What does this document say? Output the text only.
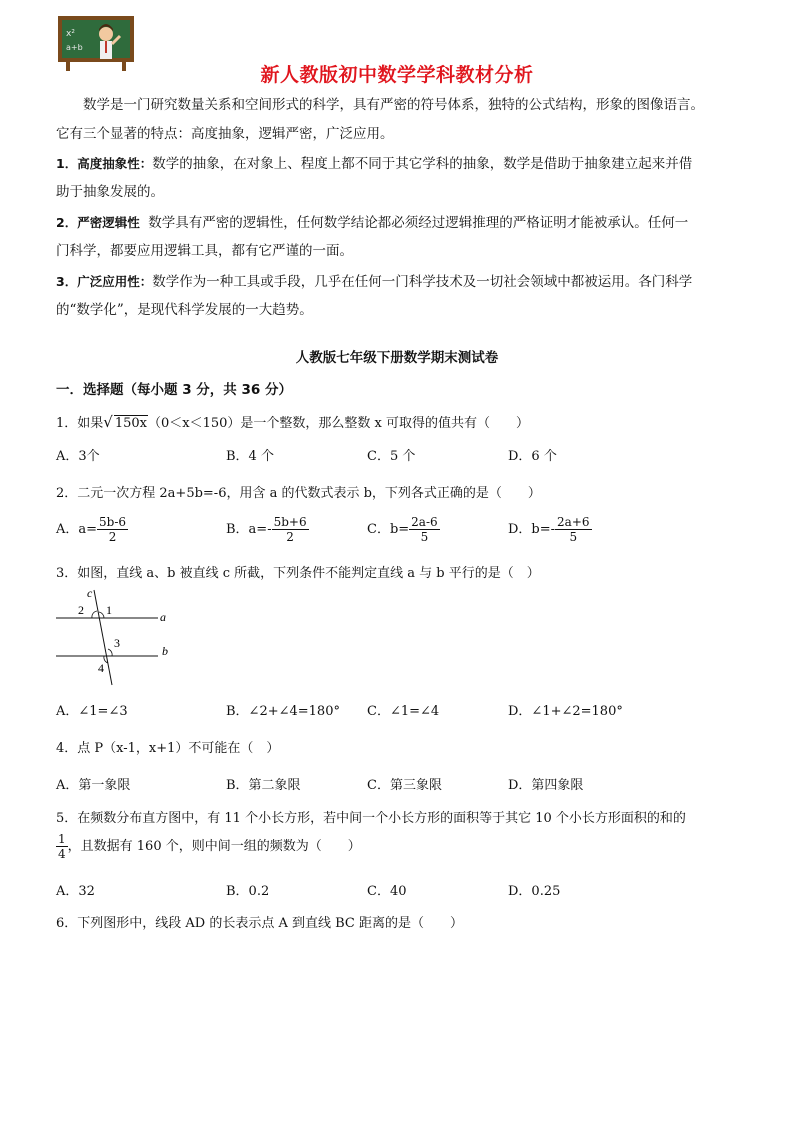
x²
a+b
新人教版初中数学学科教材分析
数学是一门研究数量关系和空间形式的科学，具有严密的符号体系，独特的公式结构，形象的图像语言。
它有三个显著的特点：高度抽象，逻辑严密，广泛应用。
1．高度抽象性：数学的抽象，在对象上、程度上都不同于其它学科的抽象，数学是借助于抽象建立起来并借
助于抽象发展的。
2．严密逻辑性 数学具有严密的逻辑性，任何数学结论都必须经过逻辑推理的严格证明才能被承认。任何一
门科学，都要应用逻辑工具，都有它严谨的一面。
3．广泛应用性：数学作为一种工具或手段，几乎在任何一门科学技术及一切社会领域中都被运用。各门科学
的“数学化”，是现代科学发展的一大趋势。
人教版七年级下册数学期末测试卷
一．选择题（每小题 3 分，共 36 分）
1．如果√ 150x（0＜x＜150）是一个整数，那么整数 x 可取得的值共有（　　）
A．3个	B．4 个	C．5 个	D．6 个
2．二元一次方程 2a+5b=-6，用含 a 的代数式表示 b，下列各式正确的是（　　）
A．$a= \frac{5b-6}{2}$	B．$a=- \frac{5b+6}{2}$	C．$b= \frac{2a-6}{5}$	D．$b=- \frac{2a+6}{5}$
3．如图，直线 a、b 被直线 c 所截，下列条件不能判定直线 a 与 b 平行的是（　）
c
a
b
2 1
3
4
A．∠1=∠3	B．∠2+∠4=180° C．∠1=∠4	D．∠1+∠2=180°
4．点 P（x-1，x+1）不可能在（　）
A．第一象限	B．第二象限	C．第三象限	D．第四象限
5．在频数分布直方图中，有 11 个小长方形，若中间一个小长方形的面积等于其它 10 个小长方形面积的和的
$\frac{1}{4}$ ，且数据有 160 个，则中间一组的频数为（　　）
A．32	B．0.2	C．40	D．0.25
6．下列图形中，线段 AD 的长表示点 A 到直线 BC 距离的是（　　）
